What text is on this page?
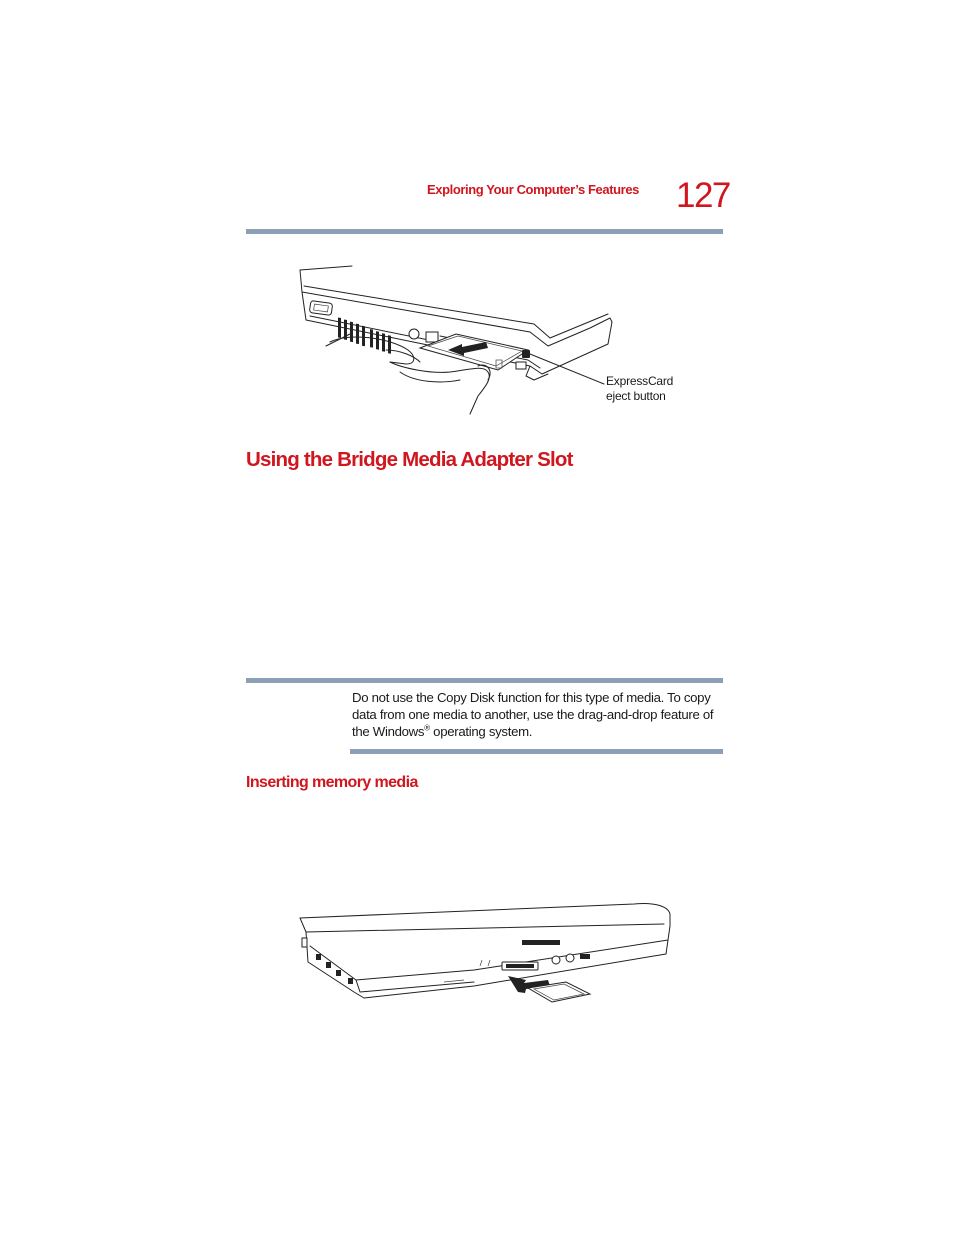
Exploring Your Computer’s Features 127
ExpressCard
eject button
Using the Bridge Media Adapter Slot
Do not use the Copy Disk function for this type of media. To copy data from one media to another, use the drag-and-drop feature of the Windows® operating system.
Inserting memory media
